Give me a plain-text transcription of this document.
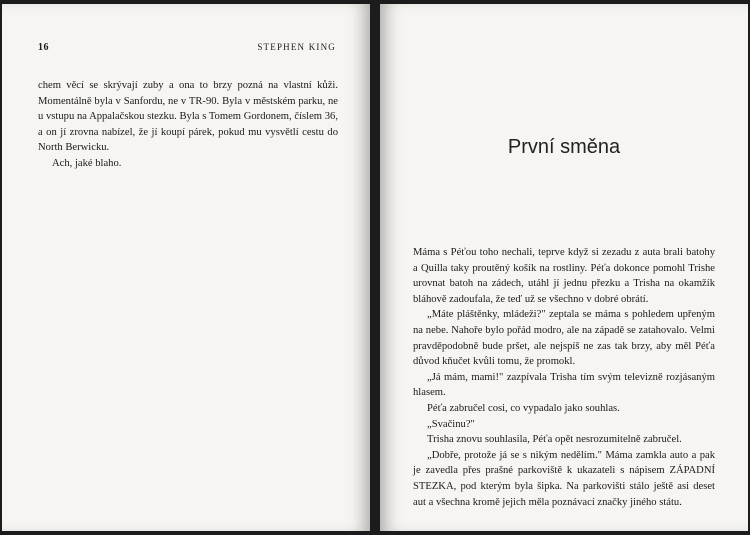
16	STEPHEN KING

chem věcí se skrývají zuby a ona to brzy pozná na vlastní kůži. Momentálně byla v Sanfordu, ne v TR-90. Byla v městském parku, ne u vstupu na Appalačskou stezku. Byla s Tomem Gordonem, číslem 36, a on jí zrovna nabízel, že jí koupí párek, pokud mu vysvětlí cestu do North Berwicku.

Ach, jaké blaho.

První směna

Máma s Péťou toho nechali, teprve když si zezadu z auta brali batohy a Quilla taky proutěný košík na rostliny. Péťa dokonce pomohl Trishe urovnat batoh na zádech, utáhl jí jednu přezku a Trisha na okamžík bláhově zadoufala, že teď už se všechno v dobré obrátí.

„Máte pláštěnky, mládeži?" zeptala se máma s pohledem upřeným na nebe. Nahoře bylo pořád modro, ale na západě se zatahovalo. Velmi pravděpodobně bude pršet, ale nejspíš ne zas tak brzy, aby měl Péťa důvod kňučet kvůli tomu, že promokl.

„Já mám, mami!" zazpívala Trisha tím svým televizně rozjásaným hlasem.

Péťa zabručel cosi, co vypadalo jako souhlas.

„Svačinu?"

Trisha znovu souhlasila, Péťa opět nesrozumitelně zabručel.

„Dobře, protože já se s nikým nedělím." Máma zamkla auto a pak je zavedla přes prašné parkoviště k ukazateli s nápisem ZÁPADNÍ STEZKA, pod kterým byla šipka. Na parkovišti stálo ještě asi deset aut a všechna kromě jejich měla poznávací značky jiného státu.
